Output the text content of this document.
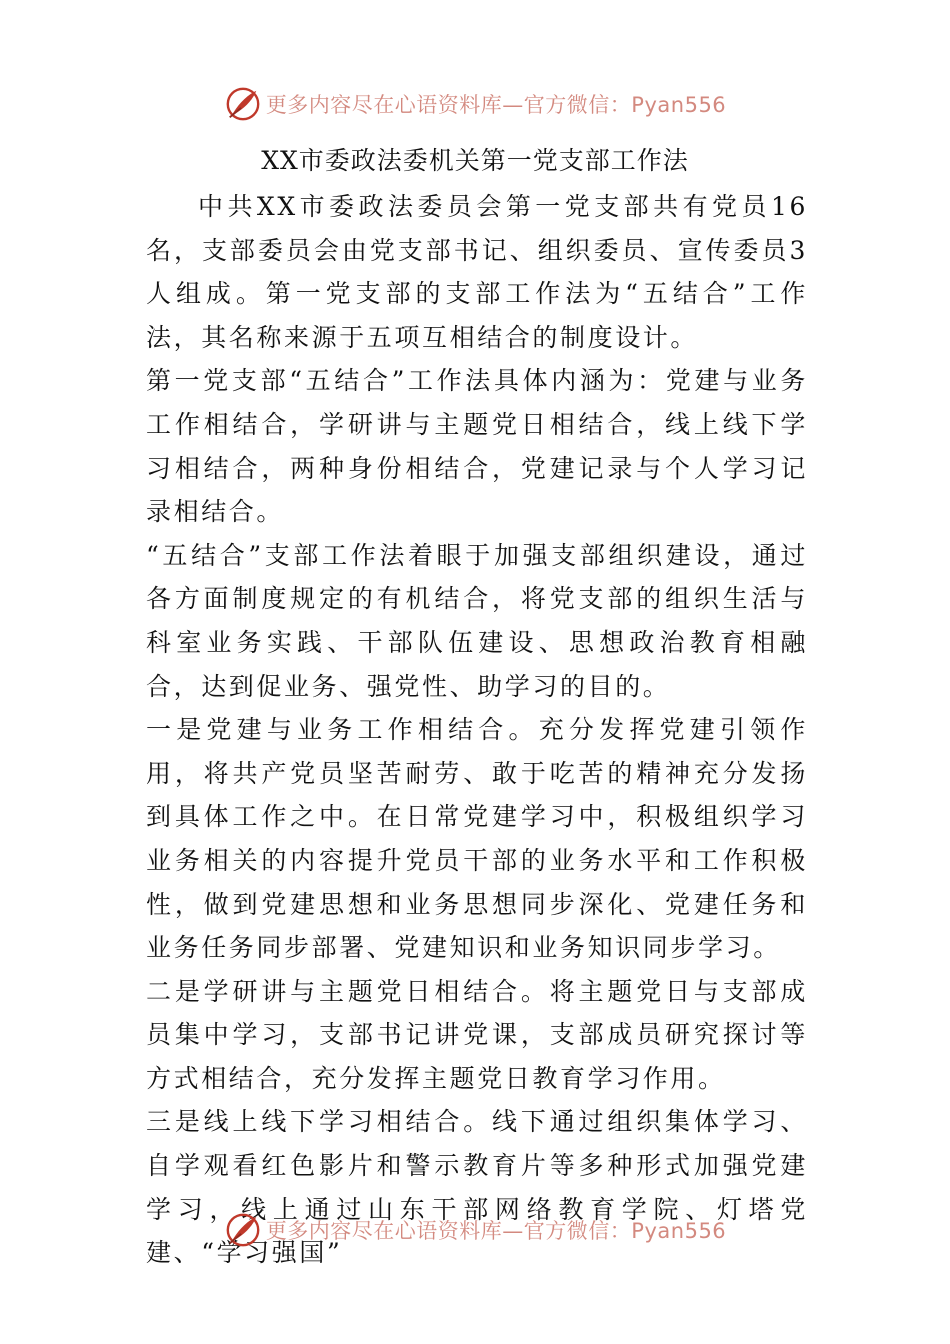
更多内容尽在心语资料库—官方微信：Pyan556
XX市委政法委机关第一党支部工作法

中共XX市委政法委员会第一党支部共有党员16名，支部委员会由党支部书记、组织委员、宣传委员3人组成。第一党支部的支部工作法为“五结合”工作法，其名称来源于五项互相结合的制度设计。

第一党支部“五结合”工作法具体内涵为：党建与业务工作相结合，学研讲与主题党日相结合，线上线下学习相结合，两种身份相结合，党建记录与个人学习记录相结合。

“五结合”支部工作法着眼于加强支部组织建设，通过各方面制度规定的有机结合，将党支部的组织生活与科室业务实践、干部队伍建设、思想政治教育相融合，达到促业务、强党性、助学习的目的。

一是党建与业务工作相结合。充分发挥党建引领作用，将共产党员坚苦耐劳、敢于吃苦的精神充分发扬到具体工作之中。在日常党建学习中，积极组织学习业务相关的内容提升党员干部的业务水平和工作积极性，做到党建思想和业务思想同步深化、党建任务和业务任务同步部署、党建知识和业务知识同步学习。

二是学研讲与主题党日相结合。将主题党日与支部成员集中学习，支部书记讲党课，支部成员研究探讨等方式相结合，充分发挥主题党日教育学习作用。

三是线上线下学习相结合。线下通过组织集体学习、自学观看红色影片和警示教育片等多种形式加强党建学习，线上通过山东干部网络教育学院、灯塔党建、“学习强国”

更多内容尽在心语资料库—官方微信：Pyan556
